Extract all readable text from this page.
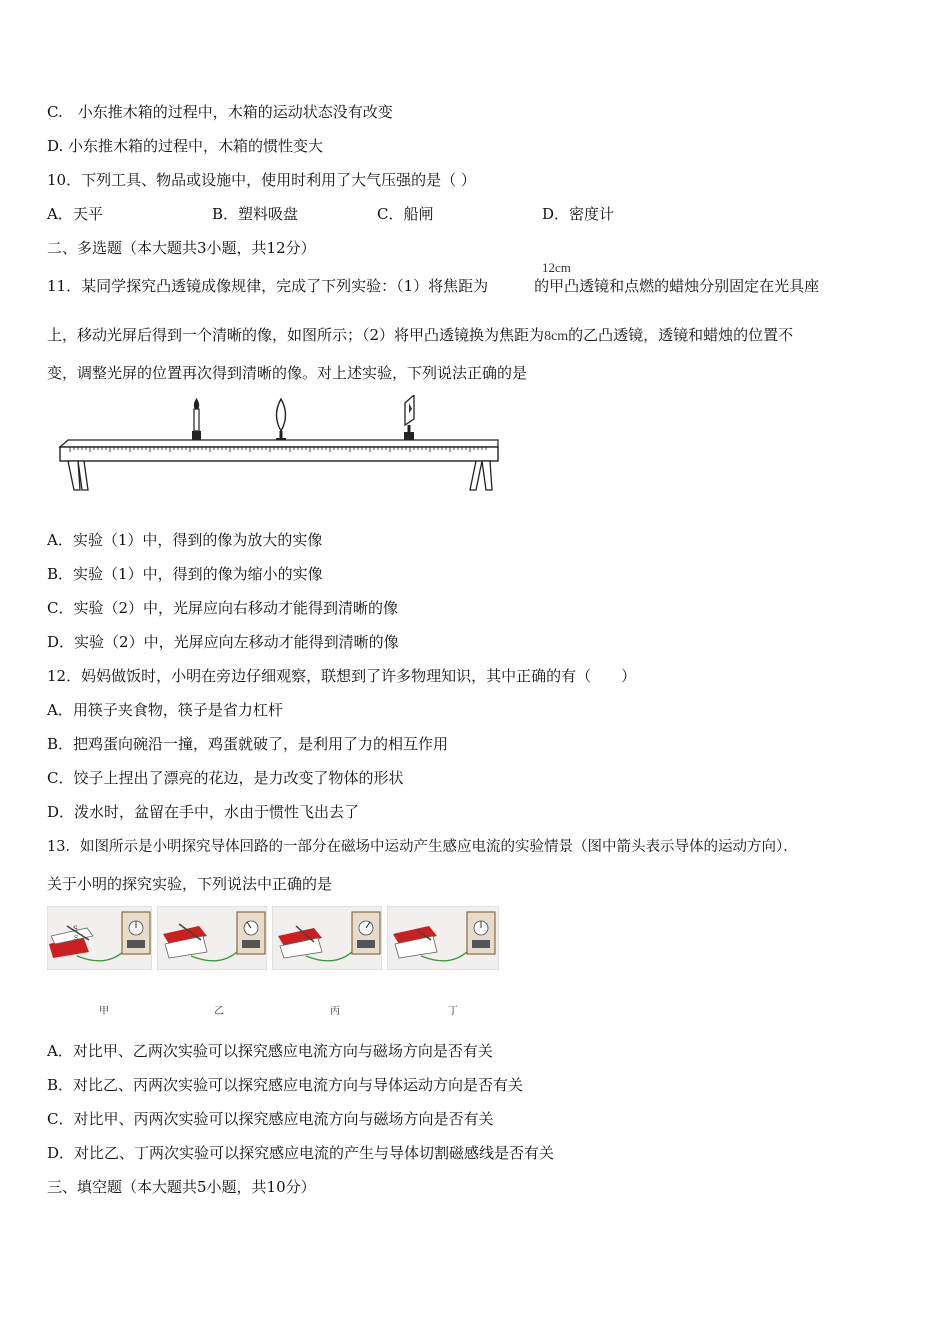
C.　小东推木箱的过程中，木箱的运动状态没有改变
D. 小东推木箱的过程中，木箱的惯性变大
10．下列工具、物品或设施中，使用时利用了大气压强的是（ ）
A．天平	B．塑料吸盘	C．船闸	D．密度计
二、多选题（本大题共3小题，共12分）
11．某同学探究凸透镜成像规律，完成了下列实验：（1）将焦距为	的甲凸透镜和点燃的蜡烛分别固定在光具座
12cm
上，移动光屏后得到一个清晰的像，如图所示；（2）将甲凸透镜换为焦距为8cm的乙凸透镜，透镜和蜡烛的位置不
变，调整光屏的位置再次得到清晰的像。对上述实验，下列说法正确的是
A．实验（1）中，得到的像为放大的实像
B．实验（1）中，得到的像为缩小的实像
C．实验（2）中，光屏应向右移动才能得到清晰的像
D．实验（2）中，光屏应向左移动才能得到清晰的像
12．妈妈做饭时，小明在旁边仔细观察，联想到了许多物理知识，其中正确的有（　　）
A．用筷子夹食物，筷子是省力杠杆
B．把鸡蛋向碗沿一撞，鸡蛋就破了，是利用了力的相互作用
C．饺子上捏出了漂亮的花边，是力改变了物体的形状
D．泼水时，盆留在手中，水由于惯性飞出去了
13．如图所示是小明探究导体回路的一部分在磁场中运动产生感应电流的实验情景（图中箭头表示导体的运动方向）．
关于小明的探究实验，下列说法中正确的是
S
S
甲	乙	丙	丁
A．对比甲、乙两次实验可以探究感应电流方向与磁场方向是否有关
B．对比乙、丙两次实验可以探究感应电流方向与导体运动方向是否有关
C．对比甲、丙两次实验可以探究感应电流方向与磁场方向是否有关
D．对比乙、丁两次实验可以探究感应电流的产生与导体切割磁感线是否有关
三、填空题（本大题共5小题，共10分）
